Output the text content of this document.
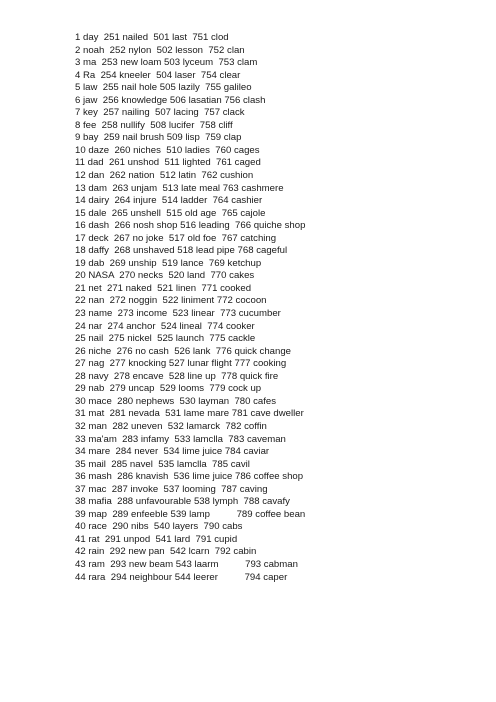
1 day  251 nailed  501 last  751 clod
2 noah  252 nylon  502 lesson  752 clan
3 ma  253 new loam 503 lyceum  753 clam
4 Ra  254 kneeler  504 laser  754 clear
5 law  255 nail hole 505 lazily  755 galileo
6 jaw  256 knowledge 506 lasatian 756 clash
7 key  257 nailing  507 lacing  757 clack
8 fee  258 nullify  508 lucifer  758 cliff
9 bay  259 nail brush 509 lisp  759 clap
10 daze  260 niches  510 ladies  760 cages
11 dad  261 unshod  511 lighted  761 caged
12 dan  262 nation  512 latin  762 cushion
13 dam  263 unjam  513 late meal 763 cashmere
14 dairy  264 injure  514 ladder  764 cashier
15 dale  265 unshell  515 old age  765 cajole
16 dash  266 nosh shop 516 leading  766 quiche shop
17 deck  267 no joke  517 old foe  767 catching
18 daffy  268 unshaved 518 lead pipe 768 cageful
19 dab  269 unship  519 lance  769 ketchup
20 NASA  270 necks  520 land  770 cakes
21 net  271 naked  521 linen  771 cooked
22 nan  272 noggin  522 liniment 772 cocoon
23 name  273 income  523 linear  773 cucumber
24 nar  274 anchor  524 lineal  774 cooker
25 nail  275 nickel  525 launch  775 cackle
26 niche  276 no cash  526 lank  776 quick change
27 nag  277 knocking 527 lunar flight 777 cooking
28 navy  278 encave  528 line up  778 quick fire
29 nab  279 uncap  529 looms  779 cock up
30 mace  280 nephews  530 layman  780 cafes
31 mat  281 nevada  531 lame mare 781 cave dweller
32 man  282 uneven  532 lamarck  782 coffin
33 ma'am  283 infamy  533 lamclla  783 caveman
34 mare  284 never  534 lime juice 784 caviar
35 mail  285 navel  535 lamclla  785 cavil
36 mash  286 knavish  536 lime juice 786 coffee shop
37 mac  287 invoke  537 looming  787 caving
38 mafia  288 unfavourable 538 lymph  788 cavafy
39 map  289 enfeeble 539 lamp          789 coffee bean
40 race  290 nibs  540 layers  790 cabs
41 rat  291 unpod  541 lard  791 cupid
42 rain  292 new pan  542 lcarn  792 cabin
43 ram  293 new beam 543 laarm          793 cabman
44 rara  294 neighbour 544 leerer          794 caper
